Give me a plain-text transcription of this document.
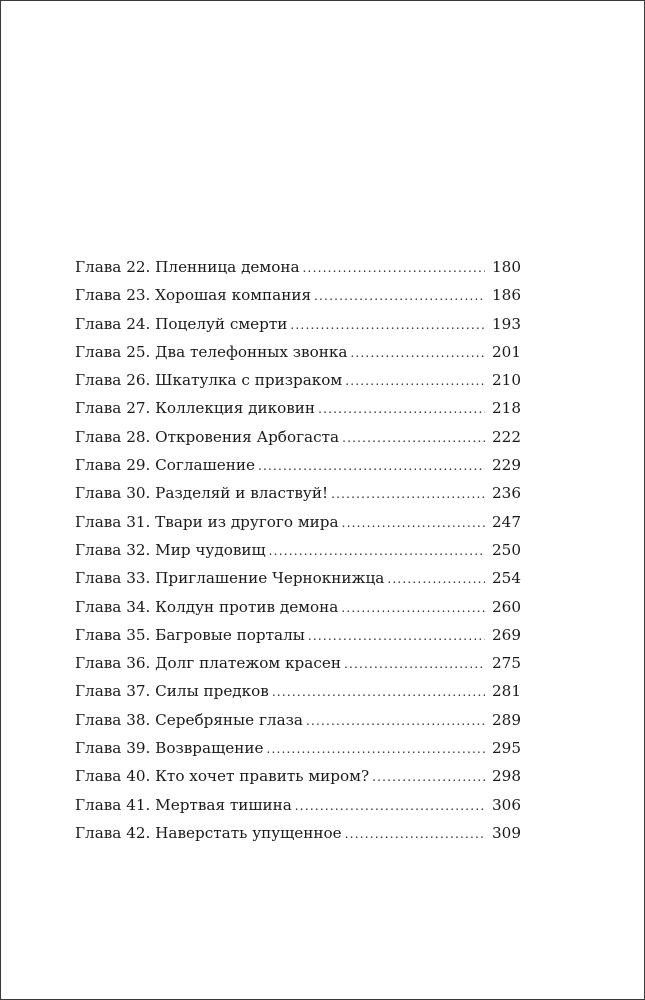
Глава 22. Пленница демона .....	180
Глава 23. Хорошая компания .....	186
Глава 24. Поцелуй смерти .....	193
Глава 25. Два телефонных звонка .....	201
Глава 26. Шкатулка с призраком .....	210
Глава 27. Коллекция диковин .....	218
Глава 28. Откровения Арбогаста .....	222
Глава 29. Соглашение .....	229
Глава 30. Разделяй и властвуй! .....	236
Глава 31. Твари из другого мира .....	247
Глава 32. Мир чудовищ .....	250
Глава 33. Приглашение Чернокнижца .....	254
Глава 34. Колдун против демона .....	260
Глава 35. Багровые порталы .....	269
Глава 36. Долг платежом красен .....	275
Глава 37. Силы предков .....	281
Глава 38. Серебряные глаза .....	289
Глава 39. Возвращение .....	295
Глава 40. Кто хочет править миром? .....	298
Глава 41. Мертвая тишина .....	306
Глава 42. Наверстать упущенное .....	309
